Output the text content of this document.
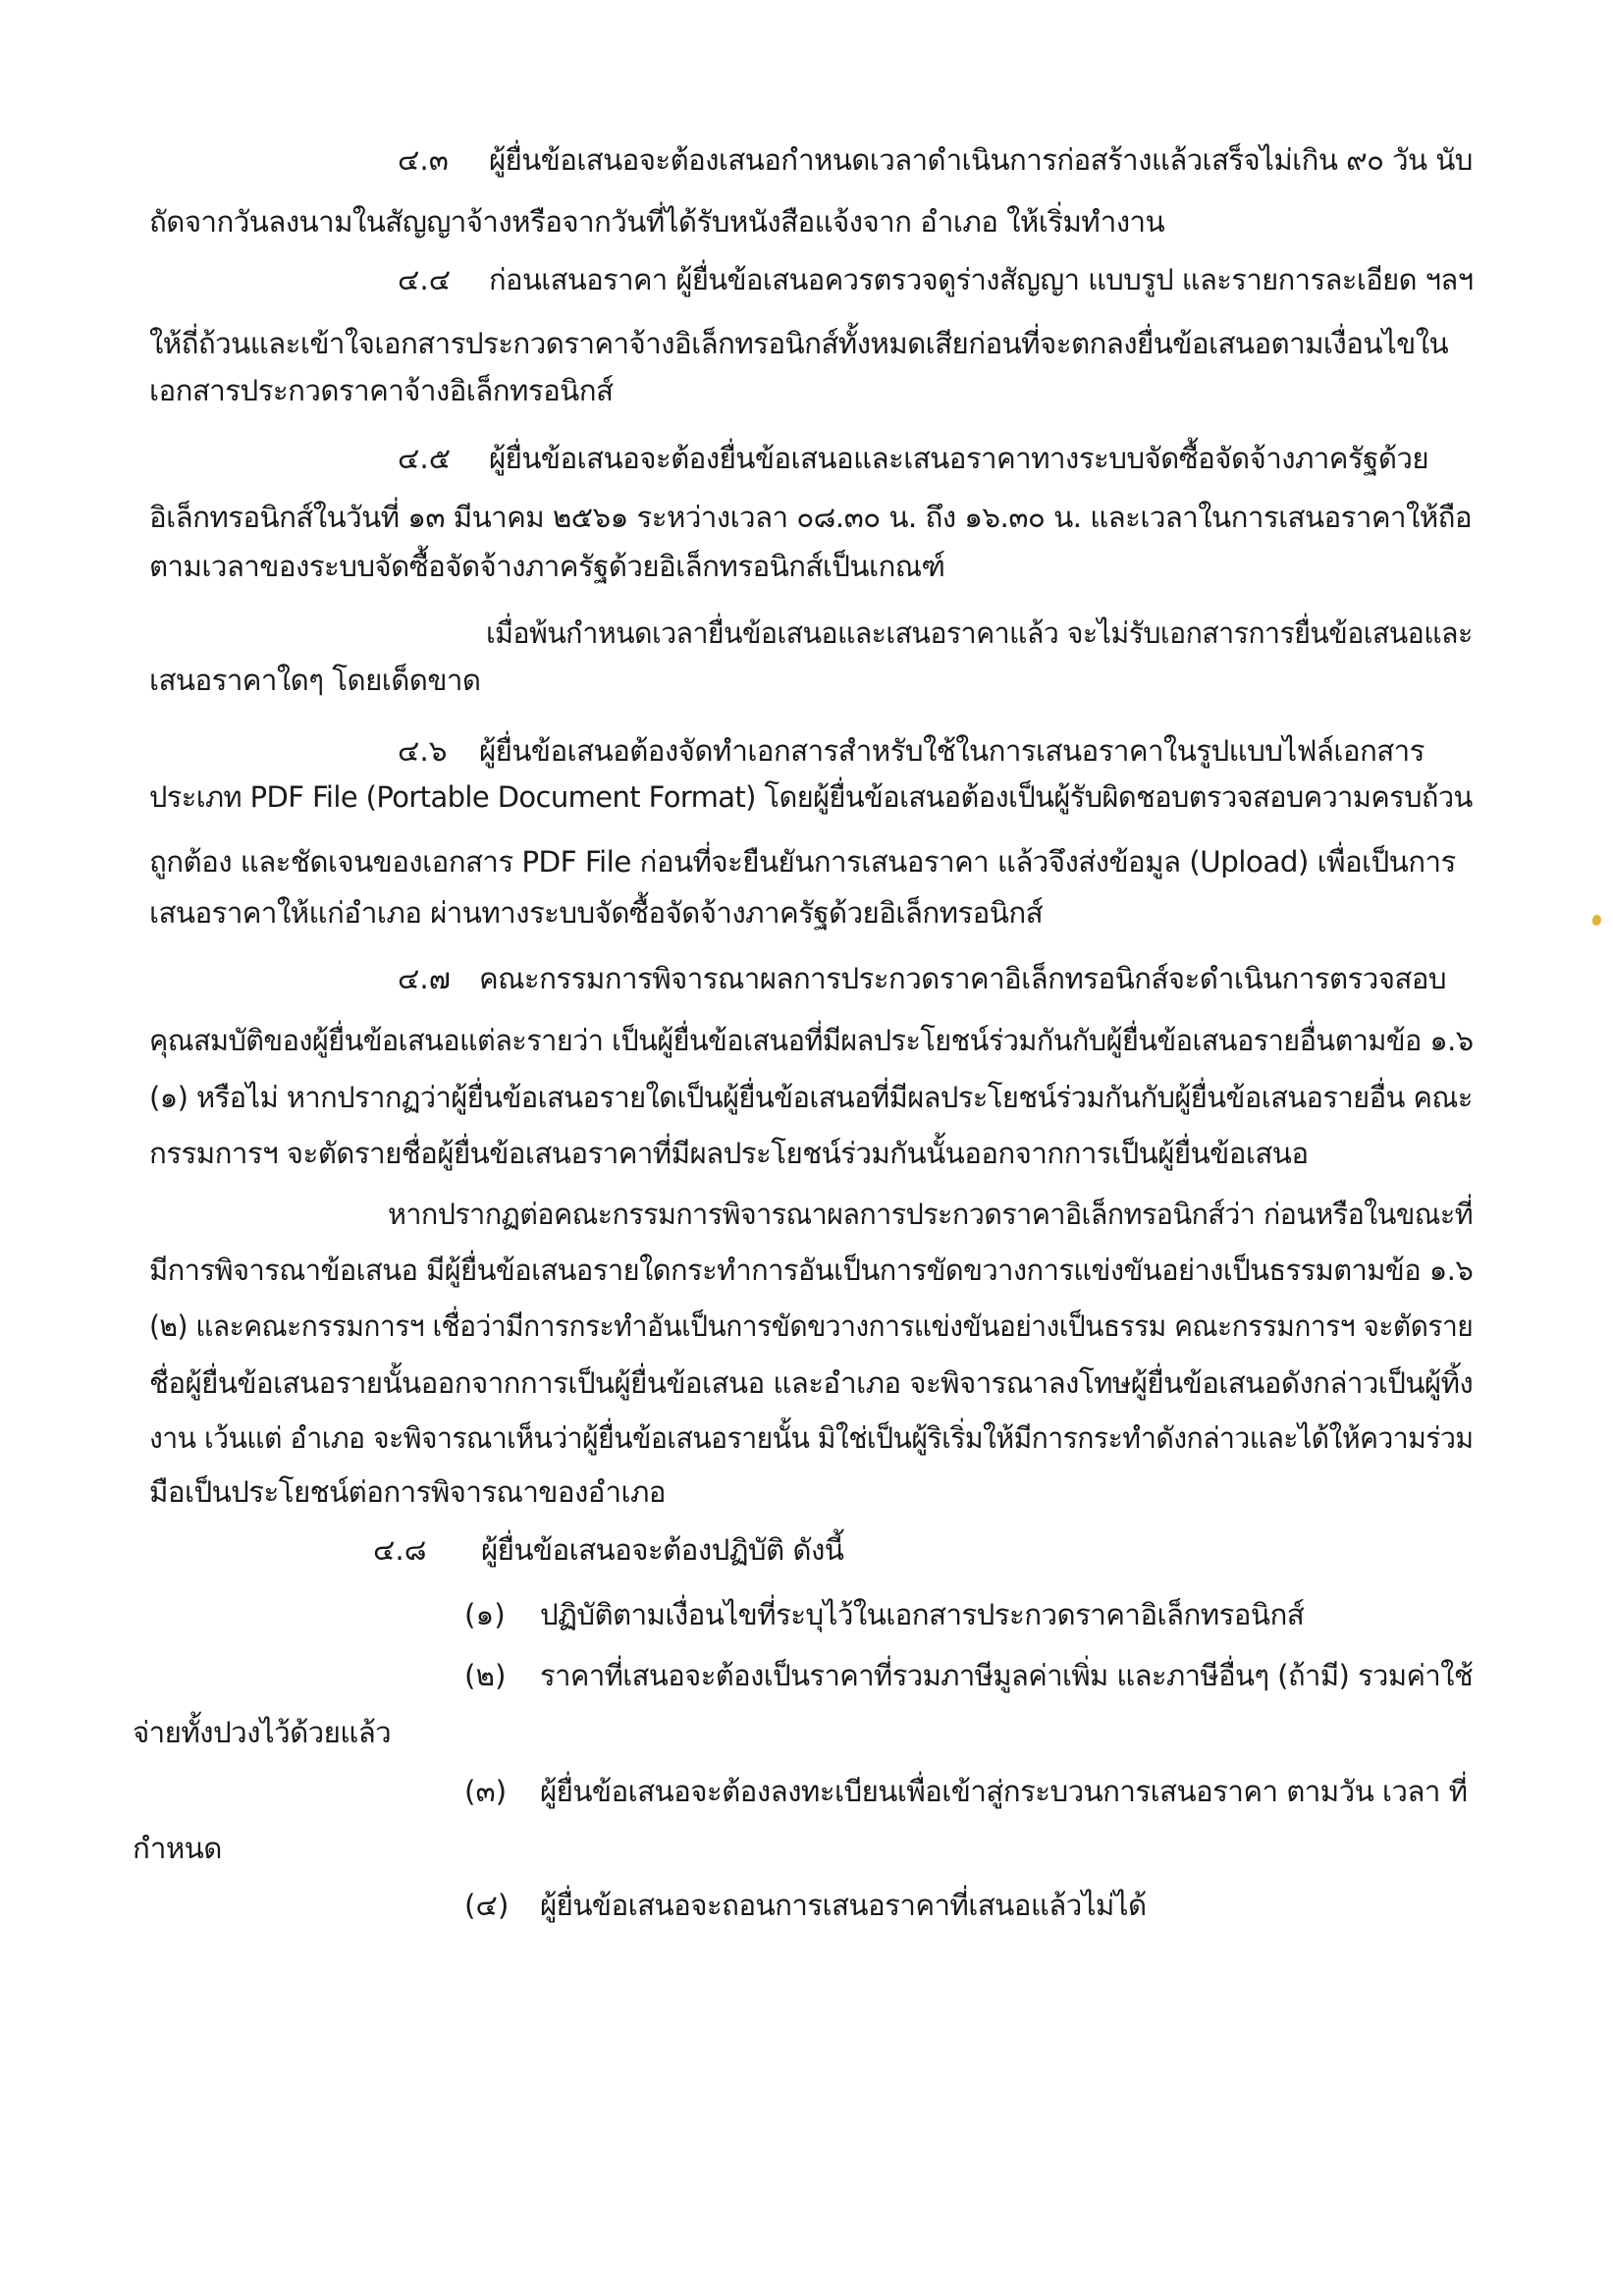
๔.๓ ผู้ยื่นข้อเสนอจะต้องเสนอกำหนดเวลาดำเนินการก่อสร้างแล้วเสร็จไม่เกิน ๙๐ วัน นับ
ถัดจากวันลงนามในสัญญาจ้างหรือจากวันที่ได้รับหนังสือแจ้งจาก อำเภอ ให้เริ่มทำงาน
๔.๔ ก่อนเสนอราคา ผู้ยื่นข้อเสนอควรตรวจดูร่างสัญญา แบบรูป และรายการละเอียด ฯลฯ
ให้ถี่ถ้วนและเข้าใจเอกสารประกวดราคาจ้างอิเล็กทรอนิกส์ทั้งหมดเสียก่อนที่จะตกลงยื่นข้อเสนอตามเงื่อนไขใน
เอกสารประกวดราคาจ้างอิเล็กทรอนิกส์
๔.๕ ผู้ยื่นข้อเสนอจะต้องยื่นข้อเสนอและเสนอราคาทางระบบจัดซื้อจัดจ้างภาครัฐด้วย
อิเล็กทรอนิกส์ในวันที่ ๑๓ มีนาคม ๒๕๖๑ ระหว่างเวลา ๐๘.๓๐ น. ถึง ๑๖.๓๐ น. และเวลาในการเสนอราคาให้ถือ
ตามเวลาของระบบจัดซื้อจัดจ้างภาครัฐด้วยอิเล็กทรอนิกส์เป็นเกณฑ์
เมื่อพ้นกำหนดเวลายื่นข้อเสนอและเสนอราคาแล้ว จะไม่รับเอกสารการยื่นข้อเสนอและ
เสนอราคาใดๆ โดยเด็ดขาด
๔.๖ ผู้ยื่นข้อเสนอต้องจัดทำเอกสารสำหรับใช้ในการเสนอราคาในรูปแบบไฟล์เอกสาร
ประเภท PDF File (Portable Document Format) โดยผู้ยื่นข้อเสนอต้องเป็นผู้รับผิดชอบตรวจสอบความครบถ้วน
ถูกต้อง และชัดเจนของเอกสาร PDF File ก่อนที่จะยืนยันการเสนอราคา แล้วจึงส่งข้อมูล (Upload) เพื่อเป็นการ
เสนอราคาให้แก่อำเภอ ผ่านทางระบบจัดซื้อจัดจ้างภาครัฐด้วยอิเล็กทรอนิกส์
๔.๗ คณะกรรมการพิจารณาผลการประกวดราคาอิเล็กทรอนิกส์จะดำเนินการตรวจสอบ
คุณสมบัติของผู้ยื่นข้อเสนอแต่ละรายว่า เป็นผู้ยื่นข้อเสนอที่มีผลประโยชน์ร่วมกันกับผู้ยื่นข้อเสนอรายอื่นตามข้อ ๑.๖
(๑) หรือไม่ หากปรากฏว่าผู้ยื่นข้อเสนอรายใดเป็นผู้ยื่นข้อเสนอที่มีผลประโยชน์ร่วมกันกับผู้ยื่นข้อเสนอรายอื่น คณะ
กรรมการฯ จะตัดรายชื่อผู้ยื่นข้อเสนอราคาที่มีผลประโยชน์ร่วมกันนั้นออกจากการเป็นผู้ยื่นข้อเสนอ
หากปรากฏต่อคณะกรรมการพิจารณาผลการประกวดราคาอิเล็กทรอนิกส์ว่า ก่อนหรือในขณะที่
มีการพิจารณาข้อเสนอ มีผู้ยื่นข้อเสนอรายใดกระทำการอันเป็นการขัดขวางการแข่งขันอย่างเป็นธรรมตามข้อ ๑.๖
(๒) และคณะกรรมการฯ เชื่อว่ามีการกระทำอันเป็นการขัดขวางการแข่งขันอย่างเป็นธรรม คณะกรรมการฯ จะตัดราย
ชื่อผู้ยื่นข้อเสนอรายนั้นออกจากการเป็นผู้ยื่นข้อเสนอ และอำเภอ จะพิจารณาลงโทษผู้ยื่นข้อเสนอดังกล่าวเป็นผู้ทิ้ง
งาน เว้นแต่ อำเภอ จะพิจารณาเห็นว่าผู้ยื่นข้อเสนอรายนั้น มิใช่เป็นผู้ริเริ่มให้มีการกระทำดังกล่าวและได้ให้ความร่วม
มือเป็นประโยชน์ต่อการพิจารณาของอำเภอ
๔.๘ ผู้ยื่นข้อเสนอจะต้องปฏิบัติ ดังนี้
(๑) ปฏิบัติตามเงื่อนไขที่ระบุไว้ในเอกสารประกวดราคาอิเล็กทรอนิกส์
(๒) ราคาที่เสนอจะต้องเป็นราคาที่รวมภาษีมูลค่าเพิ่ม และภาษีอื่นๆ (ถ้ามี) รวมค่าใช้
จ่ายทั้งปวงไว้ด้วยแล้ว
(๓) ผู้ยื่นข้อเสนอจะต้องลงทะเบียนเพื่อเข้าสู่กระบวนการเสนอราคา ตามวัน เวลา ที่
กำหนด
(๔) ผู้ยื่นข้อเสนอจะถอนการเสนอราคาที่เสนอแล้วไม่ได้
